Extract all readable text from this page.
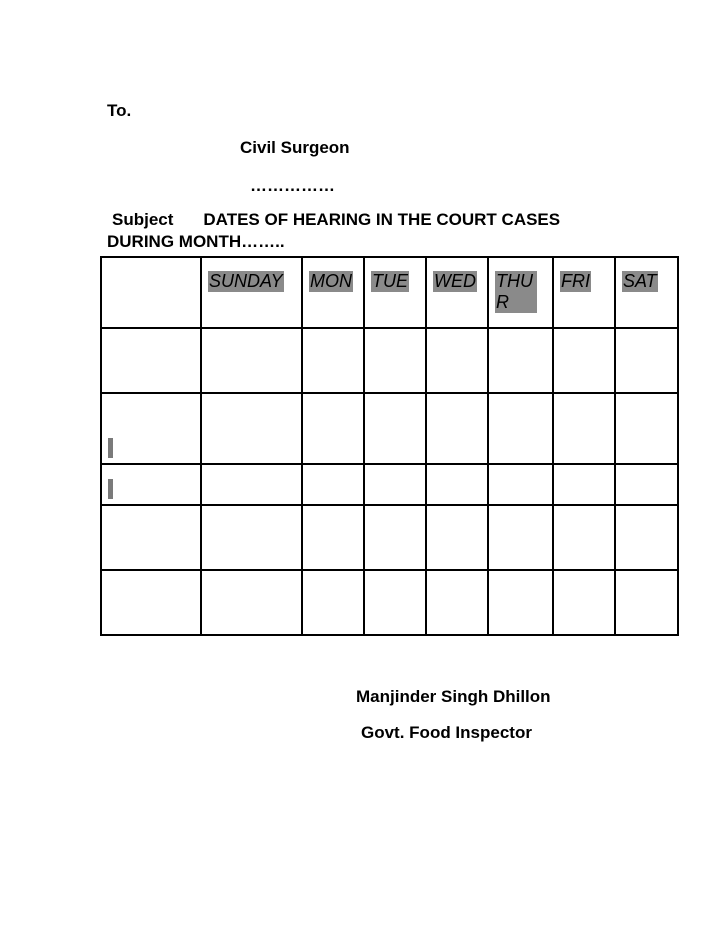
To.
Civil Surgeon
……………
Subject DATES OF HEARING IN THE COURT CASES
DURING MONTH……..
	SUNDAY	MON	TUE	WED	THUR	FRI	SAT

Manjinder Singh Dhillon
Govt. Food Inspector
